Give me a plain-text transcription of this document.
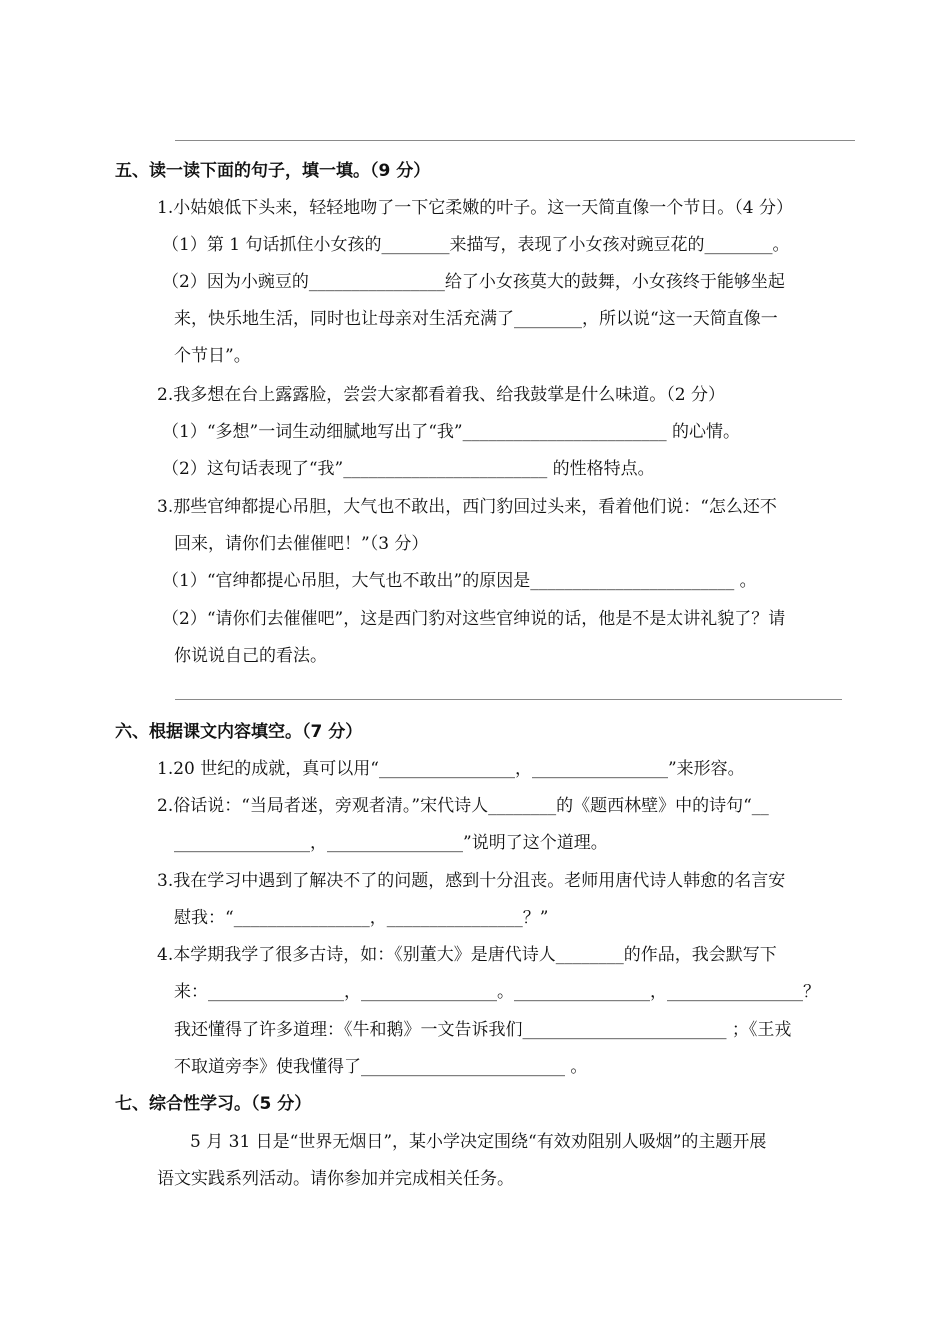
五、读一读下面的句子，填一填。（9 分）
1.小姑娘低下头来，轻轻地吻了一下它柔嫩的叶子。这一天简直像一个节日。（4 分）
（1）第 1 句话抓住小女孩的________来描写，表现了小女孩对豌豆花的________。
（2）因为小豌豆的________________给了小女孩莫大的鼓舞，小女孩终于能够坐起
来，快乐地生活，同时也让母亲对生活充满了________，所以说“这一天简直像一
个节日”。
2.我多想在台上露露脸，尝尝大家都看着我、给我鼓掌是什么味道。（2 分）
（1）“多想”一词生动细腻地写出了“我”________________________ 的心情。
（2）这句话表现了“我”________________________ 的性格特点。
3.那些官绅都提心吊胆，大气也不敢出，西门豹回过头来，看着他们说：“怎么还不
回来，请你们去催催吧！”（3 分）
（1）“官绅都提心吊胆，大气也不敢出”的原因是________________________ 。
（2）“请你们去催催吧”，这是西门豹对这些官绅说的话，他是不是太讲礼貌了？请
你说说自己的看法。
六、根据课文内容填空。（7 分）
1.20 世纪的成就，真可以用“________________，________________”来形容。
2.俗话说：“当局者迷，旁观者清。”宋代诗人________的《题西林壁》中的诗句“__
________________，________________”说明了这个道理。
3.我在学习中遇到了解决不了的问题，感到十分沮丧。老师用唐代诗人韩愈的名言安
慰我：“________________，________________？”
4.本学期我学了很多古诗，如：《别董大》是唐代诗人________的作品，我会默写下
来：________________，________________。________________，________________？
我还懂得了许多道理：《牛和鹅》一文告诉我们________________________ ；《王戎
不取道旁李》使我懂得了________________________ 。
七、综合性学习。（5 分）
5 月 31 日是“世界无烟日”，某小学决定围绕“有效劝阻别人吸烟”的主题开展
语文实践系列活动。请你参加并完成相关任务。
